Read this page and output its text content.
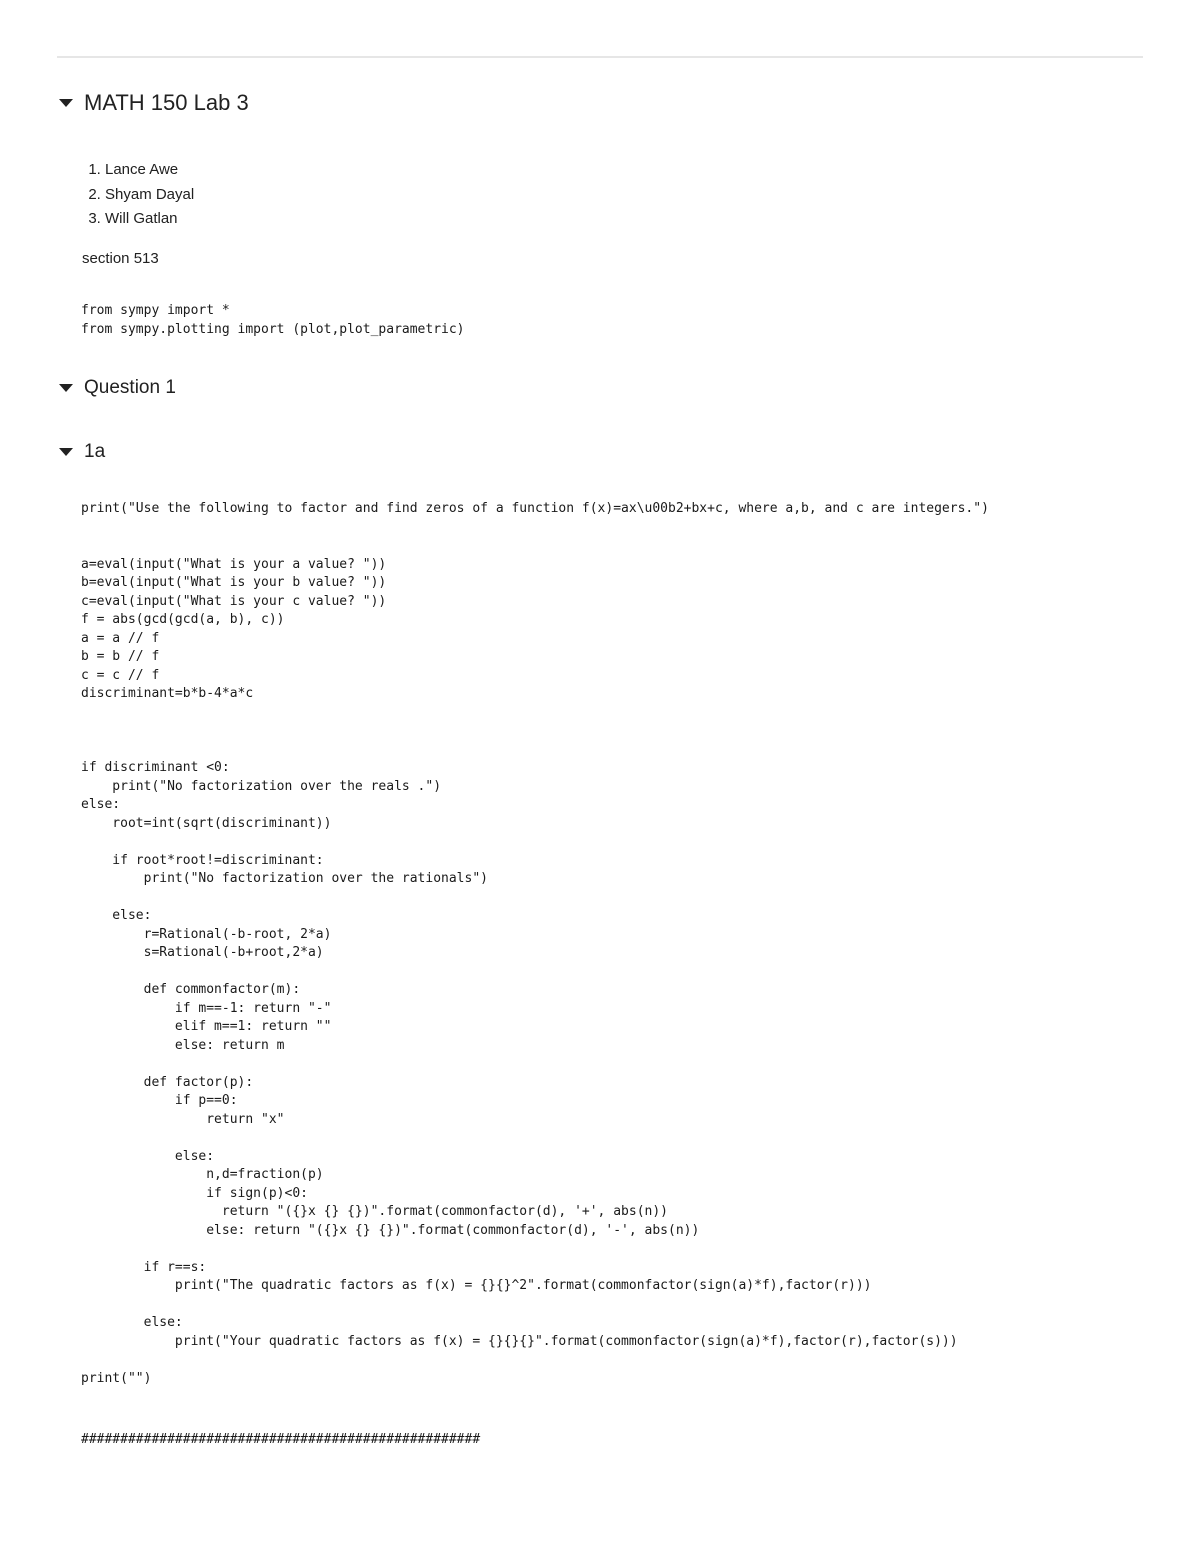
MATH 150 Lab 3
1. Lance Awe
2. Shyam Dayal
3. Will Gatlan

section 513

from sympy import *
from sympy.plotting import (plot,plot_parametric)
Question 1
1a
print("Use the following to factor and find zeros of a function f(x)=ax\u00b2+bx+c, where a,b, and c are integers.")

a=eval(input("What is your a value? "))
b=eval(input("What is your b value? "))
c=eval(input("What is your c value? "))
f = abs(gcd(gcd(a, b), c))
a = a // f
b = b // f
c = c // f
discriminant=b*b-4*a*c

if discriminant <0:
print("No factorization over the reals .")
else:
root=int(sqrt(discriminant))

if root*root!=discriminant:
print("No factorization over the rationals")

else:
r=Rational(-b-root, 2*a)
s=Rational(-b+root,2*a)

def commonfactor(m):
if m==-1: return "-"
elif m==1: return ""
else: return m

def factor(p):
if p==0:
return "x"

else:
n,d=fraction(p)
if sign(p)<0:
return "({}x {} {})".format(commonfactor(d), '+', abs(n))
else: return "({}x {} {})".format(commonfactor(d), '-', abs(n))

if r==s:
print("The quadratic factors as f(x) = {}{}^2".format(commonfactor(sign(a)*f),factor(r)))

else:
print("Your quadratic factors as f(x) = {}{}{}".format(commonfactor(sign(a)*f),factor(r),factor(s)))

print("")
###################################################
